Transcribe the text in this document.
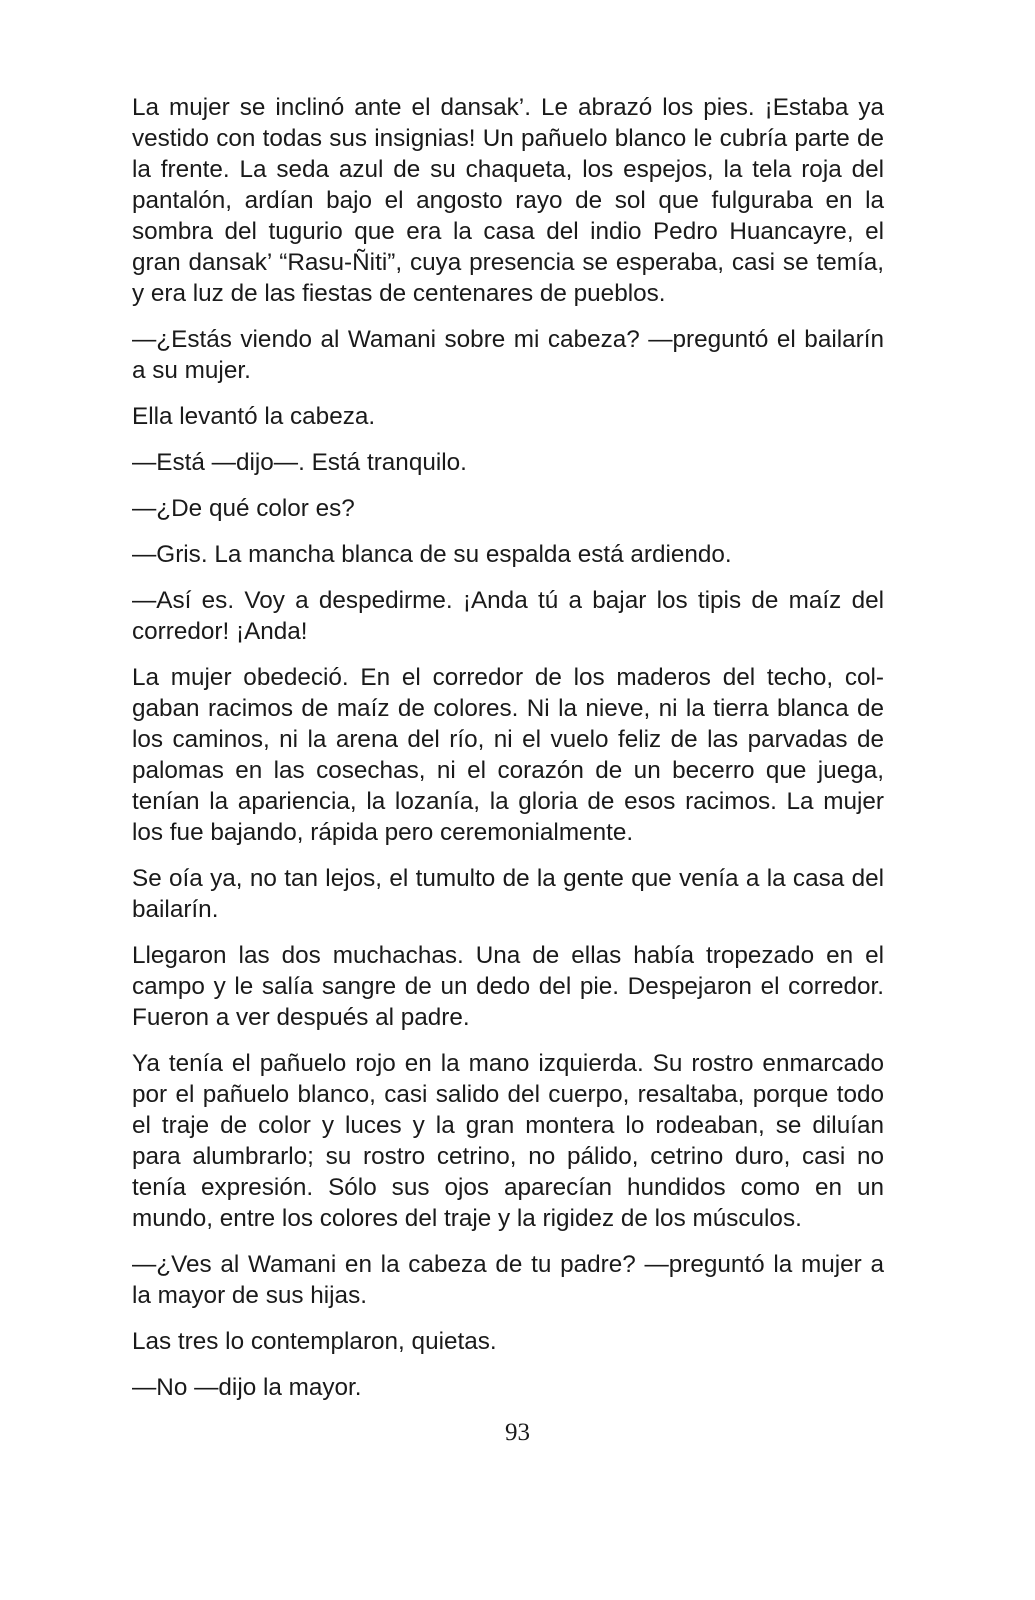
La mujer se inclinó ante el dansak’. Le abrazó los pies. ¡Estaba ya vestido con todas sus insignias! Un pañuelo blanco le cubría parte de la frente. La seda azul de su chaqueta, los espejos, la tela roja del pantalón, ardían bajo el angosto rayo de sol que fulguraba en la sombra del tugurio que era la casa del indio Pedro Huancayre, el gran dansak’ “Rasu-Ñiti”, cuya presencia se esperaba, casi se temía, y era luz de las fiestas de centenares de pueblos.

—¿Estás viendo al Wamani sobre mi cabeza? —preguntó el bailarín a su mujer.

Ella levantó la cabeza.

—Está —dijo—. Está tranquilo.

—¿De qué color es?

—Gris. La mancha blanca de su espalda está ardiendo.

—Así es. Voy a despedirme. ¡Anda tú a bajar los tipis de maíz del corredor! ¡Anda!

La mujer obedeció. En el corredor de los maderos del techo, colgaban racimos de maíz de colores. Ni la nieve, ni la tierra blanca de los caminos, ni la arena del río, ni el vuelo feliz de las parvadas de palomas en las cosechas, ni el corazón de un becerro que juega, tenían la apariencia, la lozanía, la gloria de esos racimos. La mujer los fue bajando, rápida pero ceremonialmente.

Se oía ya, no tan lejos, el tumulto de la gente que venía a la casa del bailarín.

Llegaron las dos muchachas. Una de ellas había tropezado en el campo y le salía sangre de un dedo del pie. Despejaron el corredor. Fueron a ver después al padre.

Ya tenía el pañuelo rojo en la mano izquierda. Su rostro enmarcado por el pañuelo blanco, casi salido del cuerpo, resaltaba, porque todo el traje de color y luces y la gran montera lo rodeaban, se diluían para alumbrarlo; su rostro cetrino, no pálido, cetrino duro, casi no tenía expresión. Sólo sus ojos aparecían hundidos como en un mundo, entre los colores del traje y la rigidez de los músculos.

—¿Ves al Wamani en la cabeza de tu padre? —preguntó la mujer a la mayor de sus hijas.

Las tres lo contemplaron, quietas.

—No —dijo la mayor.

93
